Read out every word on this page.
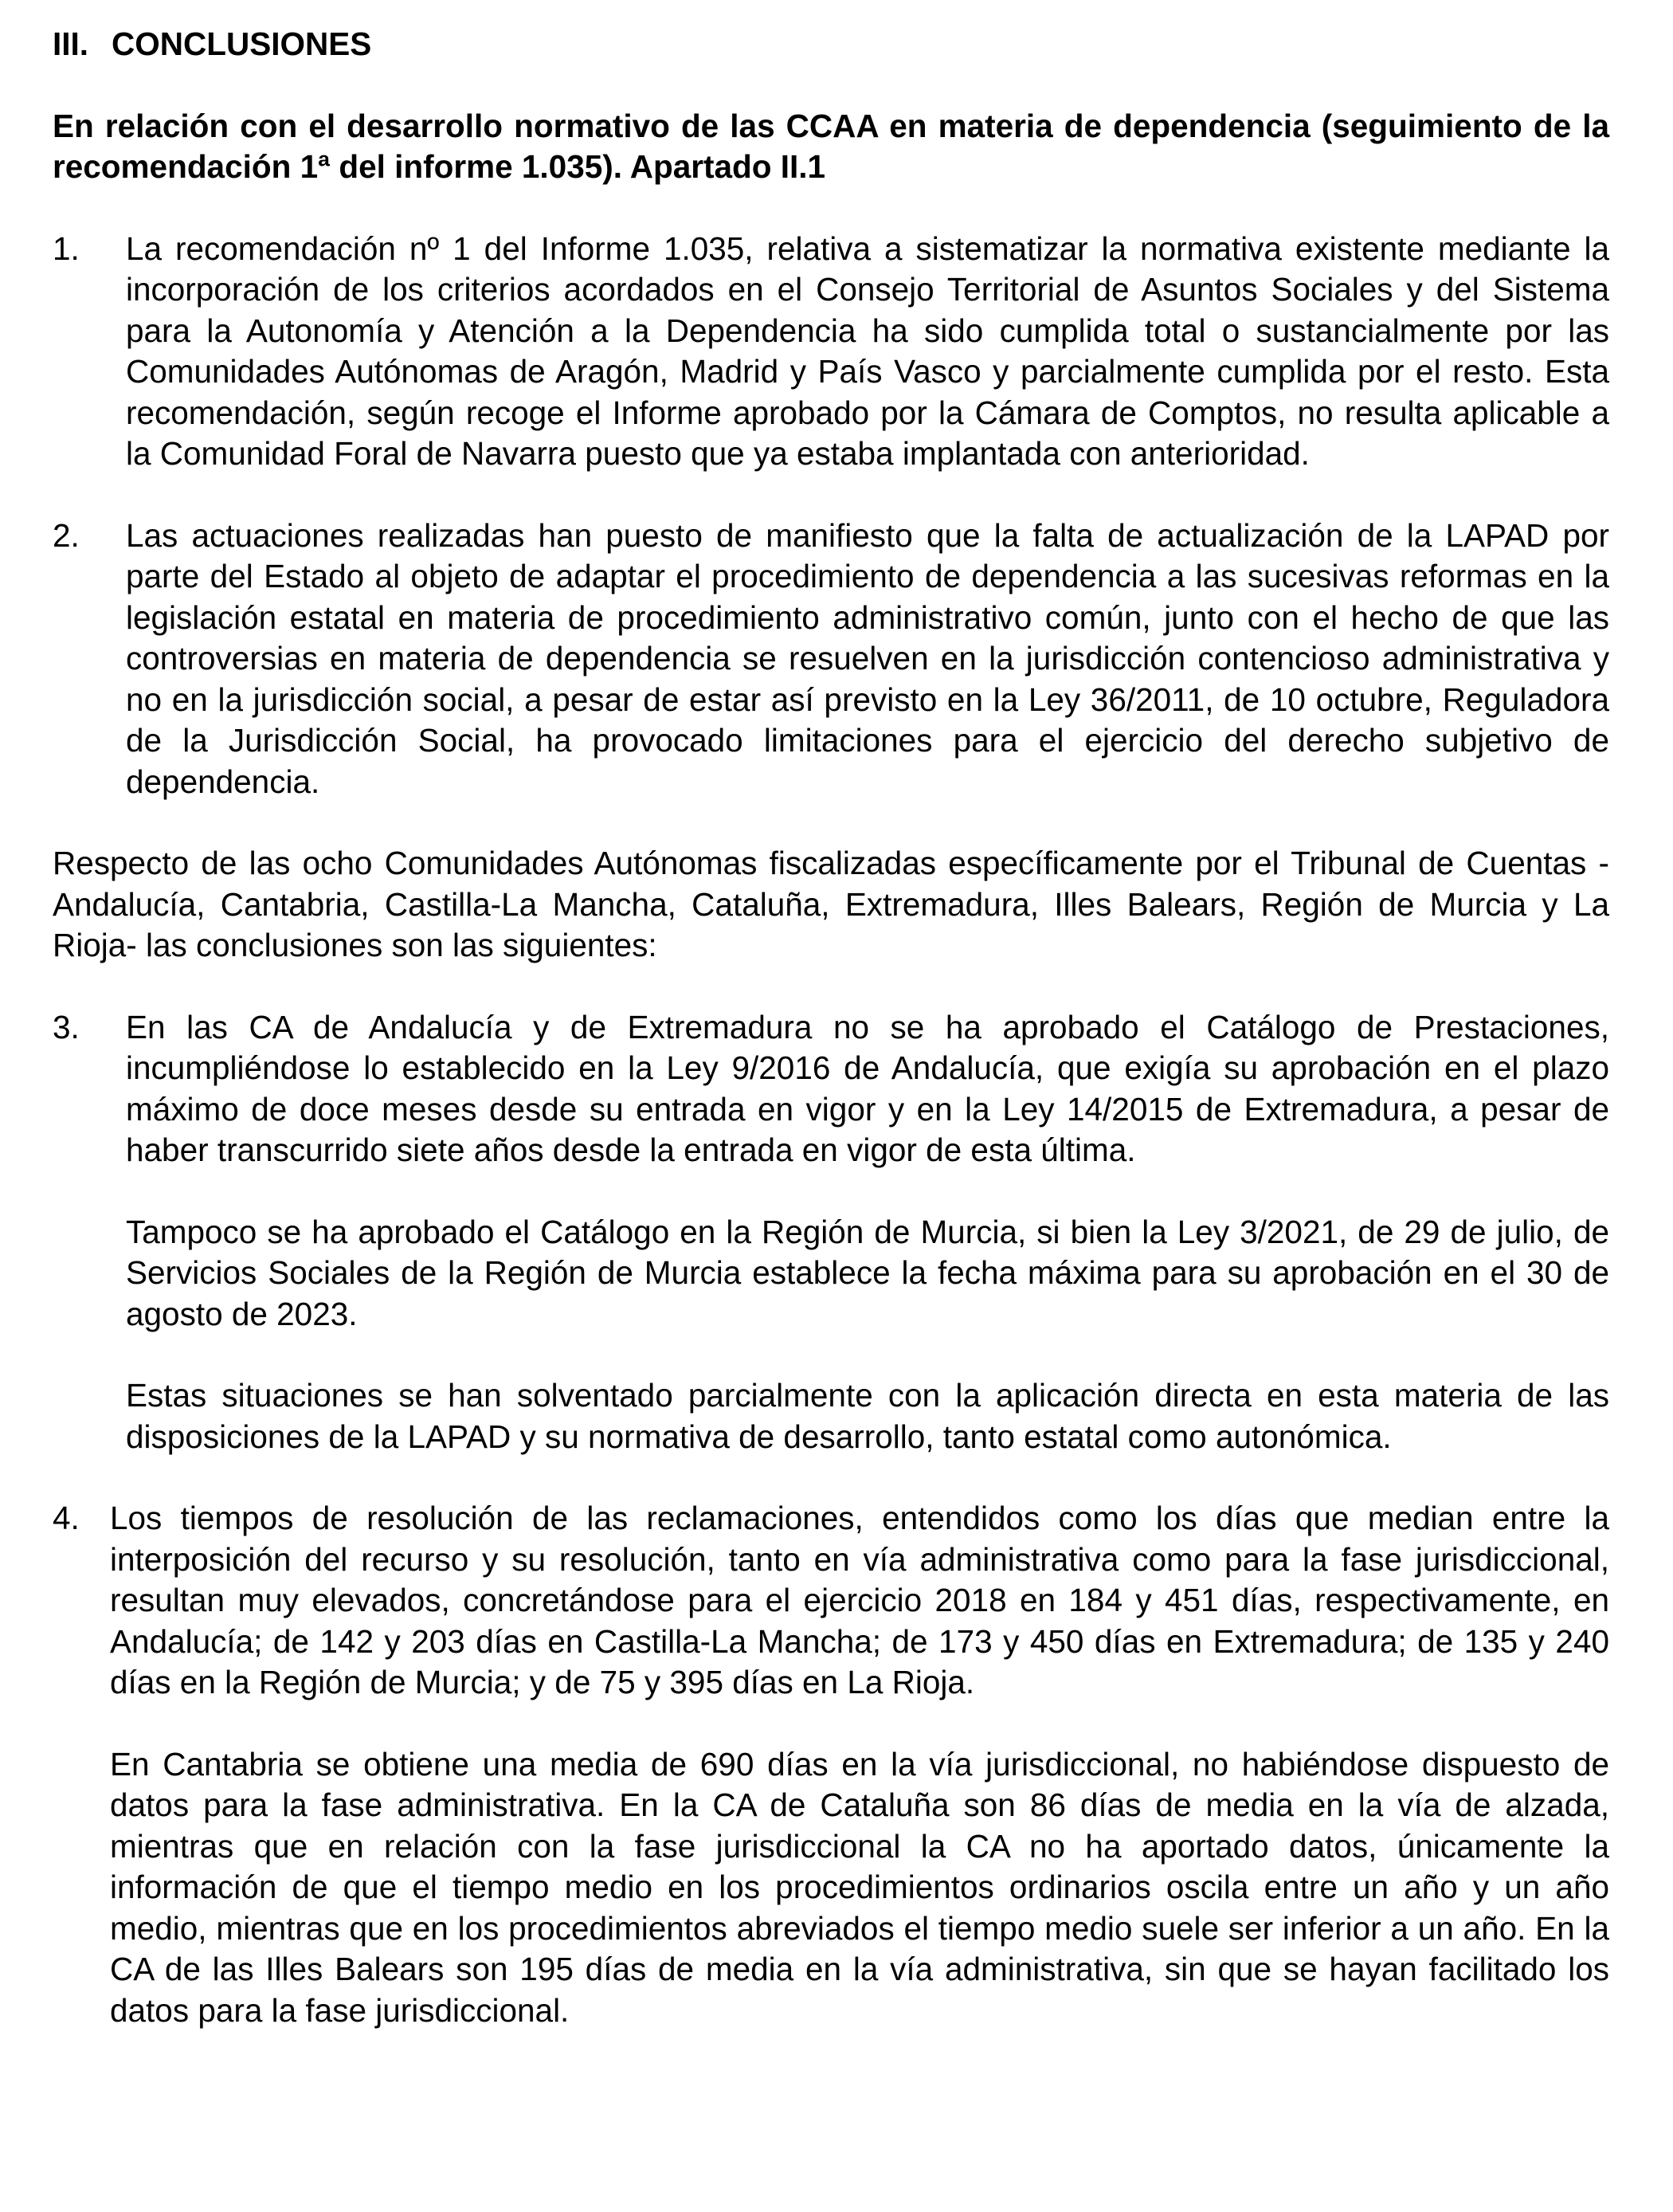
III. CONCLUSIONES
En relación con el desarrollo normativo de las CCAA en materia de dependencia (seguimiento de la recomendación 1ª del informe 1.035). Apartado II.1
1.	La recomendación nº 1 del Informe 1.035, relativa a sistematizar la normativa existente mediante la incorporación de los criterios acordados en el Consejo Territorial de Asuntos Sociales y del Sistema para la Autonomía y Atención a la Dependencia ha sido cumplida total o sustancialmente por las Comunidades Autónomas de Aragón, Madrid y País Vasco y parcialmente cumplida por el resto. Esta recomendación, según recoge el Informe aprobado por la Cámara de Comptos, no resulta aplicable a la Comunidad Foral de Navarra puesto que ya estaba implantada con anterioridad.

2.	Las actuaciones realizadas han puesto de manifiesto que la falta de actualización de la LAPAD por parte del Estado al objeto de adaptar el procedimiento de dependencia a las sucesivas reformas en la legislación estatal en materia de procedimiento administrativo común, junto con el hecho de que las controversias en materia de dependencia se resuelven en la jurisdicción contencioso administrativa y no en la jurisdicción social, a pesar de estar así previsto en la Ley 36/2011, de 10 octubre, Reguladora de la Jurisdicción Social, ha provocado limitaciones para el ejercicio del derecho subjetivo de dependencia.

Respecto de las ocho Comunidades Autónomas fiscalizadas específicamente por el Tribunal de Cuentas -Andalucía, Cantabria, Castilla-La Mancha, Cataluña, Extremadura, Illes Balears, Región de Murcia y La Rioja- las conclusiones son las siguientes:
3.	En las CA de Andalucía y de Extremadura no se ha aprobado el Catálogo de Prestaciones, incumpliéndose lo establecido en la Ley 9/2016 de Andalucía, que exigía su aprobación en el plazo máximo de doce meses desde su entrada en vigor y en la Ley 14/2015 de Extremadura, a pesar de haber transcurrido siete años desde la entrada en vigor de esta última.

Tampoco se ha aprobado el Catálogo en la Región de Murcia, si bien la Ley 3/2021, de 29 de julio, de Servicios Sociales de la Región de Murcia establece la fecha máxima para su aprobación en el 30 de agosto de 2023.

Estas situaciones se han solventado parcialmente con la aplicación directa en esta materia de las disposiciones de la LAPAD y su normativa de desarrollo, tanto estatal como autonómica.

4. Los tiempos de resolución de las reclamaciones, entendidos como los días que median entre la interposición del recurso y su resolución, tanto en vía administrativa como para la fase jurisdiccional, resultan muy elevados, concretándose para el ejercicio 2018 en 184 y 451 días, respectivamente, en Andalucía; de 142 y 203 días en Castilla-La Mancha; de 173 y 450 días en Extremadura; de 135 y 240 días en la Región de Murcia; y de 75 y 395 días en La Rioja.

En Cantabria se obtiene una media de 690 días en la vía jurisdiccional, no habiéndose dispuesto de datos para la fase administrativa. En la CA de Cataluña son 86 días de media en la vía de alzada, mientras que en relación con la fase jurisdiccional la CA no ha aportado datos, únicamente la información de que el tiempo medio en los procedimientos ordinarios oscila entre un año y un año medio, mientras que en los procedimientos abreviados el tiempo medio suele ser inferior a un año. En la CA de las Illes Balears son 195 días de media en la vía administrativa, sin que se hayan facilitado los datos para la fase jurisdiccional.
